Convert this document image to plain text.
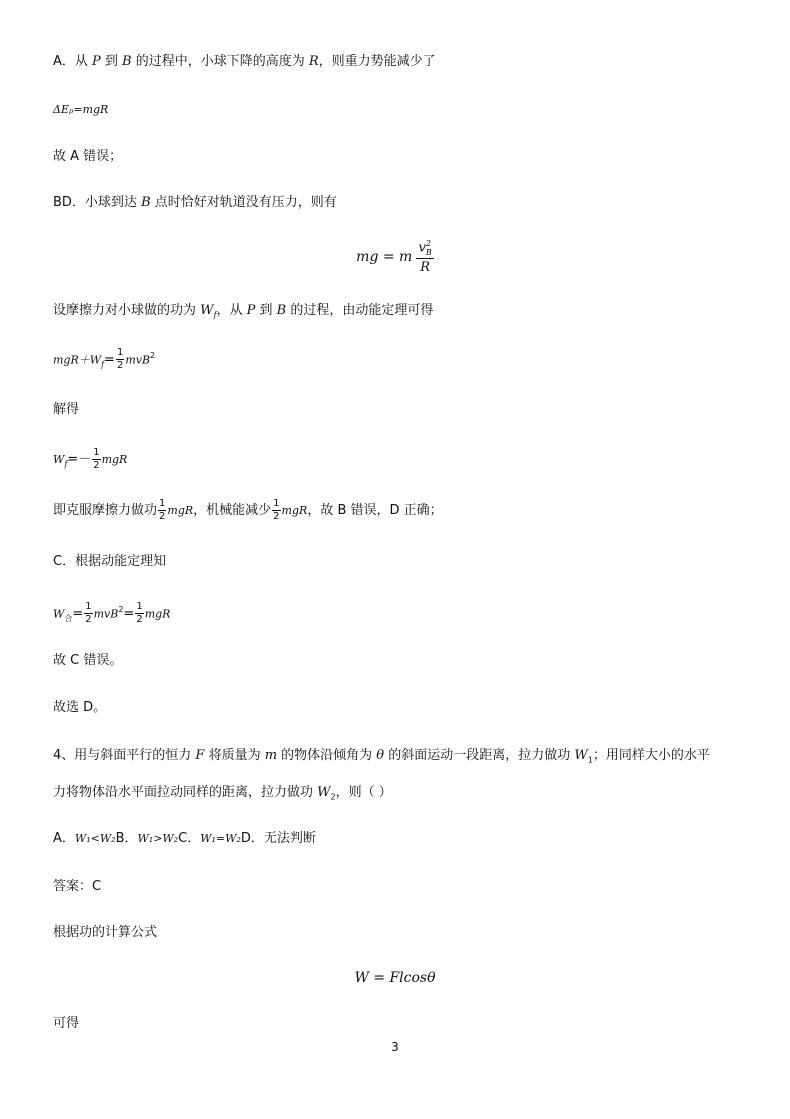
A．从 P 到 B 的过程中，小球下降的高度为 R，则重力势能减少了
ΔEₚ=mgR
故 A 错误；
BD．小球到达 B 点时恰好对轨道没有压力，则有
mg = m $\frac{v^2_B}{R}$
设摩擦力对小球做的功为 $W_f$，从 P 到 B 的过程，由动能定理可得
$mgR+W_f= \frac{1}{2} mvB^2$
解得
$W_f=- \frac{1}{2}$ mgR
即克服摩擦力做功 $\frac{1}{2}$ mgR，机械能减少 $\frac{1}{2}$ mgR，故 B 错误，D 正确；
C．根据动能定理知
$W_合= \frac{1}{2} mvB^2= \frac{1}{2}$ mgR
故 C 错误。
故选 D。
4、用与斜面平行的恒力 F 将质量为 m 的物体沿倾角为 θ 的斜面运动一段距离，拉力做功 $W_1$；用同样大小的水平
力将物体沿水平面拉动同样的距离，拉力做功 $W_2$，则（ ）
A．W₁<W₂B．W₁>W₂C．W₁=W₂D．无法判断
答案：C
根据功的计算公式
W = Flcosθ
可得
3
